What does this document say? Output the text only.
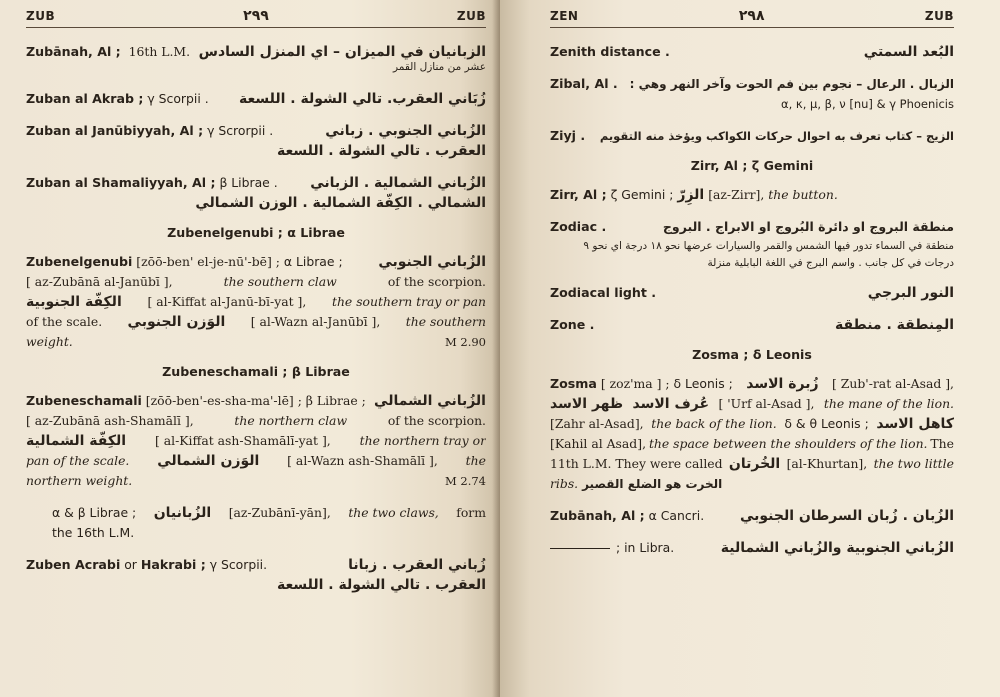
ZUB	٢٩٩	ZUB
Zubānah, Al ; 16th L.M. الزبانيان في الميزان – اي المنزل السادس
عشر من منازل القمر
Zuban al Akrab ; γ Scorpii . زُبَاني العقرب. تالي الشولة . اللسعة
Zuban al Janūbiyyah, Al ; γ Scrorpii .	الزُباني الجنوبي . زباني
العقرب . تالي الشولة . اللسعة
Zuban al Shamaliyyah, Al ; β Librae . الزُباني الشمالية . الزباني
الشمالي . الكِفّة الشمالية . الوزن الشمالي
Zubenelgenubi ; α Librae
Zubenelgenubi [zōō-ben' el-je-nū'-bē] ; α Librae ;	الزُباني الجنوبي
[ az-Zubānā al-Janūbī ],	the southern claw	of the scorpion.
الكِفّة الجنوبية [ al-Kiffat al-Janū-bī-yat ], the southern tray or pan
of the scale. الوَزن الجنوبي [ al-Wazn al-Janūbī ], the southern
weight.	M 2.90
Zubeneschamali ; β Librae
Zubeneschamali [zōō-ben'-es-sha-ma'-lē] ; β Librae ; الزُباني الشمالي
[ az-Zubānā ash-Shamālī ],	the northern claw	of the scorpion.
الكِفّة الشمالية [ al-Kiffat ash-Shamālī-yat ], the northern tray or
pan of the scale. الوَزن الشمالي [ al-Wazn ash-Shamālī ], the
northern weight.	M 2.74
α & β Librae ; الزُبانيان [az-Zubānī-yān], the two claws, form
the 16th L.M.
Zuben Acrabi or Hakrabi ; γ Scorpii.	زُباني العقرب . زبانا
العقرب . تالي الشولة . اللسعة
ZEN	٢٩٨	ZUB
Zenith distance .	البُعد السمتي
Zibal, Al . الزبال . الرعال – نجوم بين فم الحوت وآخر النهر وهي :
α, κ, μ, β, ν [nu] & γ Phoenicis
Ziyj . الزيج – كتاب تعرف به احوال حركات الكواكب ويؤخذ منه التقويم
Zirr, Al ; ζ Gemini
Zirr, Al ; ζ Gemini ; الزِرّ [az-Zirr], the button.
Zodiac .	منطقة البروج او دائرة البُروج او الابراج . البروج
منطقة في السماء تدور فيها الشمس والقمر والسيارات عرضها نحو ١٨ درجة اي نحو ٩
درجات في كل جانب . واسم البرج في اللغة البابلية منزلة
Zodiacal light .	النور البرجي
Zone .	المِنطقة . منطقة
Zosma ; δ Leonis
Zosma [ zoz'ma ] ; δ Leonis ; زُبرة الاسد [ Zub'-rat al-Asad ],
ظهر الاسد عُرف الاسد [ 'Urf al-Asad ], the mane of the lion.
[Zahr al-Asad], the back of the lion. δ & θ Leonis ; كاهل الاسد
[Kahil al Asad], the space between the shoulders of the lion. The
11th L.M. They were called الخُرتان [al-Khurtan], the two little
ribs. الخرت هو الضلع القصير
Zubānah, Al ; α Cancri.	الزُبان . زُبان السرطان الجنوبي
; in Libra.	الزُباني الجنوبية والزُباني الشمالية
